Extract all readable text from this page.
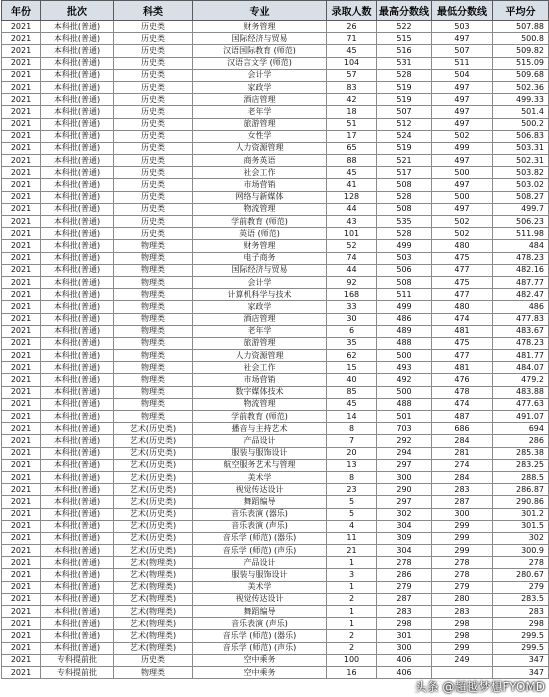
年份	批次	科类	专业	录取人数	最高分数线	最低分数线	平均分
2021	本科批(普通)	历史类	财务管理	26	522	503	507.88
2021	本科批(普通)	历史类	国际经济与贸易	71	515	497	500.8
2021	本科批(普通)	历史类	汉语国际教育 (师范)	45	516	507	509.82
2021	本科批(普通)	历史类	汉语言文学 (师范)	104	531	511	515.09
2021	本科批(普通)	历史类	会计学	57	528	504	509.68
2021	本科批(普通)	历史类	家政学	83	519	497	502.36
2021	本科批(普通)	历史类	酒店管理	42	519	497	499.33
2021	本科批(普通)	历史类	老年学	18	507	497	501.4
2021	本科批(普通)	历史类	旅游管理	51	512	497	500.2
2021	本科批(普通)	历史类	女性学	17	524	502	506.83
2021	本科批(普通)	历史类	人力资源管理	65	519	499	503.31
2021	本科批(普通)	历史类	商务英语	88	521	497	502.31
2021	本科批(普通)	历史类	社会工作	45	517	500	503.82
2021	本科批(普通)	历史类	市场营销	41	508	497	503.02
2021	本科批(普通)	历史类	网络与新媒体	128	528	500	508.27
2021	本科批(普通)	历史类	物流管理	44	508	497	499.7
2021	本科批(普通)	历史类	学前教育 (师范)	43	535	502	506.23
2021	本科批(普通)	历史类	英语 (师范)	101	528	502	511.98
2021	本科批(普通)	物理类	财务管理	52	499	480	484
2021	本科批(普通)	物理类	电子商务	74	503	475	478.23
2021	本科批(普通)	物理类	国际经济与贸易	44	506	477	482.16
2021	本科批(普通)	物理类	会计学	92	508	475	487.77
2021	本科批(普通)	物理类	计算机科学与技术	168	511	477	482.47
2021	本科批(普通)	物理类	家政学	33	499	480	486
2021	本科批(普通)	物理类	酒店管理	30	486	474	477.83
2021	本科批(普通)	物理类	老年学	6	489	481	483.67
2021	本科批(普通)	物理类	旅游管理	35	488	475	478.23
2021	本科批(普通)	物理类	人力资源管理	62	500	477	481.77
2021	本科批(普通)	物理类	社会工作	15	493	481	484.07
2021	本科批(普通)	物理类	市场营销	40	492	476	479.2
2021	本科批(普通)	物理类	数字媒体技术	85	500	478	483.88
2021	本科批(普通)	物理类	物流管理	45	488	474	477.63
2021	本科批(普通)	物理类	学前教育 (师范)	14	501	487	491.07
2021	本科批(普通)	艺术(历史类)	播音与主持艺术	8	703	686	694
2021	本科批(普通)	艺术(历史类)	产品设计	7	292	284	286
2021	本科批(普通)	艺术(历史类)	服装与服饰设计	20	294	281	285.38
2021	本科批(普通)	艺术(历史类)	航空服务艺术与管理	13	297	274	283.25
2021	本科批(普通)	艺术(历史类)	美术学	8	300	284	288.5
2021	本科批(普通)	艺术(历史类)	视觉传达设计	23	290	283	286.87
2021	本科批(普通)	艺术(历史类)	舞蹈编导	5	297	287	290.86
2021	本科批(普通)	艺术(历史类)	音乐表演 (器乐)	5	302	300	301.2
2021	本科批(普通)	艺术(历史类)	音乐表演 (声乐)	4	304	299	301.5
2021	本科批(普通)	艺术(历史类)	音乐学 (师范) (器乐)	11	309	299	302
2021	本科批(普通)	艺术(历史类)	音乐学 (师范) (声乐)	21	304	299	300.9
2021	本科批(普通)	艺术(物理类)	产品设计	1	278	278	278
2021	本科批(普通)	艺术(物理类)	服装与服饰设计	3	286	278	280.67
2021	本科批(普通)	艺术(物理类)	美术学	1	279	279	279
2021	本科批(普通)	艺术(物理类)	视觉传达设计	2	287	280	283.5
2021	本科批(普通)	艺术(物理类)	舞蹈编导	1	283	283	283
2021	本科批(普通)	艺术(物理类)	音乐表演 (声乐)	1	298	298	298
2021	本科批(普通)	艺术(物理类)	音乐学 (师范) (器乐)	2	301	298	299.5
2021	本科批(普通)	艺术(物理类)	音乐学 (师范) (声乐)	2	300	299	299.5
2021	专科提前批	历史类	空中乘务	100	406	249	347
2021	专科提前批	物理类	空中乘务	16	406		347
头条 @超越梦想FYOMD
